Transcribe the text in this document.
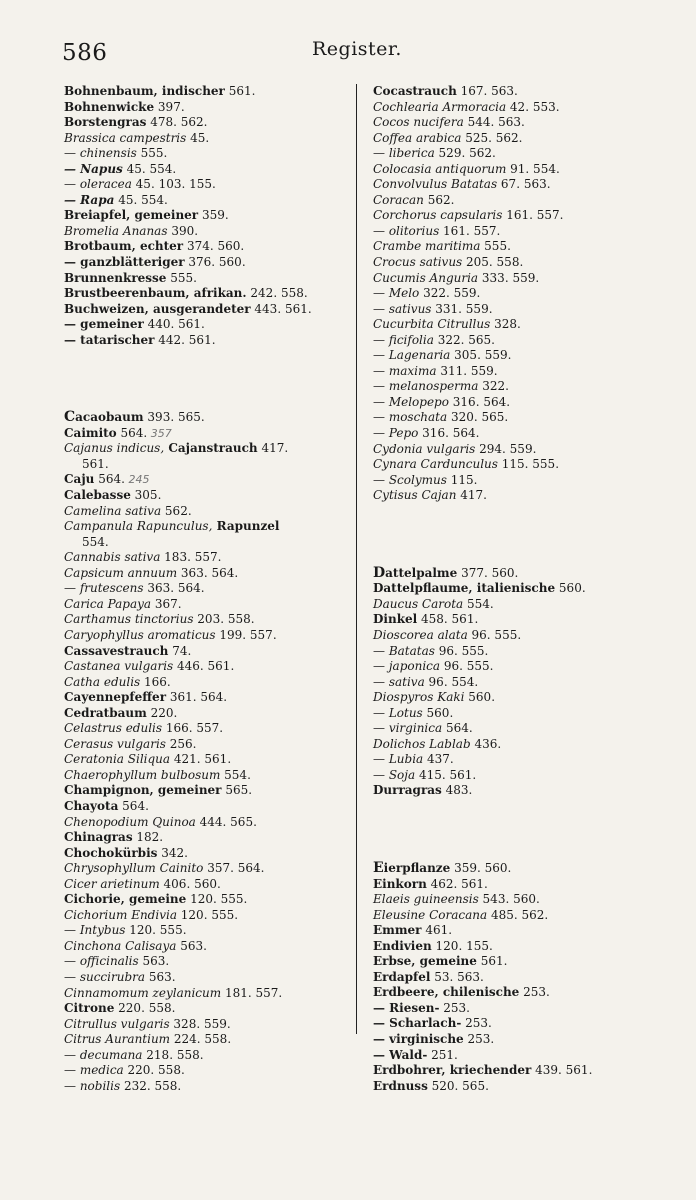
586	Register.
Bohnenbaum, indischer 561.
Bohnenwicke 397.
Borstengras 478. 562.
Brassica campestris 45.
— chinensis 555.
— Napus 45. 554.
— oleracea 45. 103. 155.
— Rapa 45. 554.
Breiapfel, gemeiner 359.
Bromelia Ananas 390.
Brotbaum, echter 374. 560.
— ganzblätteriger 376. 560.
Brunnenkresse 555.
Brustbeerenbaum, afrikan. 242. 558.
Buchweizen, ausgerandeter 443. 561.
— gemeiner 440. 561.
— tatarischer 442. 561.
Cacaobaum 393. 565.
Caimito 564. 357
Cajanus indicus, Cajanstrauch 417.
561.
Caju 564. 245
Calebasse 305.
Camelina sativa 562.
Campanula Rapunculus, Rapunzel
554.
Cannabis sativa 183. 557.
Capsicum annuum 363. 564.
— frutescens 363. 564.
Carica Papaya 367.
Carthamus tinctorius 203. 558.
Caryophyllus aromaticus 199. 557.
Cassavestrauch 74.
Castanea vulgaris 446. 561.
Catha edulis 166.
Cayennepfeffer 361. 564.
Cedratbaum 220.
Celastrus edulis 166. 557.
Cerasus vulgaris 256.
Ceratonia Siliqua 421. 561.
Chaerophyllum bulbosum 554.
Champignon, gemeiner 565.
Chayota 564.
Chenopodium Quinoa 444. 565.
Chinagras 182.
Chochokürbis 342.
Chrysophyllum Cainito 357. 564.
Cicer arietinum 406. 560.
Cichorie, gemeine 120. 555.
Cichorium Endivia 120. 555.
— Intybus 120. 555.
Cinchona Calisaya 563.
— officinalis 563.
— succirubra 563.
Cinnamomum zeylanicum 181. 557.
Citrone 220. 558.
Citrullus vulgaris 328. 559.
Citrus Aurantium 224. 558.
— decumana 218. 558.
— medica 220. 558.
— nobilis 232. 558.
Cocastrauch 167. 563.
Cochlearia Armoracia 42. 553.
Cocos nucifera 544. 563.
Coffea arabica 525. 562.
— liberica 529. 562.
Colocasia antiquorum 91. 554.
Convolvulus Batatas 67. 563.
Coracan 562.
Corchorus capsularis 161. 557.
— olitorius 161. 557.
Crambe maritima 555.
Crocus sativus 205. 558.
Cucumis Anguria 333. 559.
— Melo 322. 559.
— sativus 331. 559.
Cucurbita Citrullus 328.
— ficifolia 322. 565.
— Lagenaria 305. 559.
— maxima 311. 559.
— melanosperma 322.
— Melopepo 316. 564.
— moschata 320. 565.
— Pepo 316. 564.
Cydonia vulgaris 294. 559.
Cynara Cardunculus 115. 555.
— Scolymus 115.
Cytisus Cajan 417.
Dattelpalme 377. 560.
Dattelpflaume, italienische 560.
Daucus Carota 554.
Dinkel 458. 561.
Dioscorea alata 96. 555.
— Batatas 96. 555.
— japonica 96. 555.
— sativa 96. 554.
Diospyros Kaki 560.
— Lotus 560.
— virginica 564.
Dolichos Lablab 436.
— Lubia 437.
— Soja 415. 561.
Durragras 483.
Eierpflanze 359. 560.
Einkorn 462. 561.
Elaeis guineensis 543. 560.
Eleusine Coracana 485. 562.
Emmer 461.
Endivien 120. 155.
Erbse, gemeine 561.
Erdapfel 53. 563.
Erdbeere, chilenische 253.
— Riesen- 253.
— Scharlach- 253.
— virginische 253.
— Wald- 251.
Erdbohrer, kriechender 439. 561.
Erdnuss 520. 565.
